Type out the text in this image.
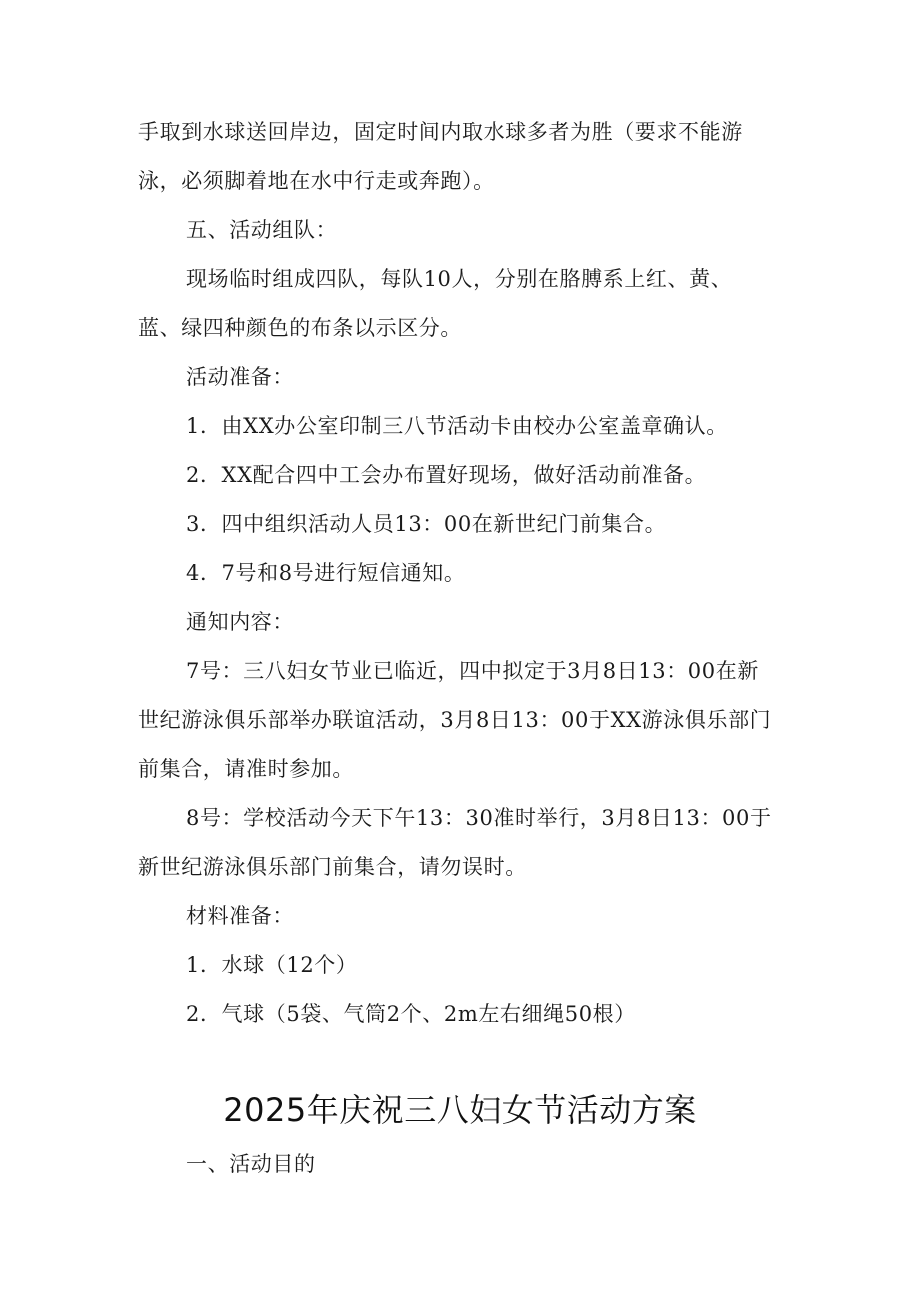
手取到水球送回岸边，固定时间内取水球多者为胜（要求不能游
泳，必须脚着地在水中行走或奔跑）。
五、活动组队：
现场临时组成四队，每队10人，分别在胳膊系上红、黄、
蓝、绿四种颜色的布条以示区分。
活动准备：
1．由XX办公室印制三八节活动卡由校办公室盖章确认。
2．XX配合四中工会办布置好现场，做好活动前准备。
3．四中组织活动人员13：00在新世纪门前集合。
4．7号和8号进行短信通知。
通知内容：
7号：三八妇女节业已临近，四中拟定于3月8日13：00在新
世纪游泳俱乐部举办联谊活动，3月8日13：00于XX游泳俱乐部门
前集合，请准时参加。
8号：学校活动今天下午13：30准时举行，3月8日13：00于
新世纪游泳俱乐部门前集合，请勿误时。
材料准备：
1．水球（12个）
2．气球（5袋、气筒2个、2m左右细绳50根）
2025年庆祝三八妇女节活动方案
一、活动目的
